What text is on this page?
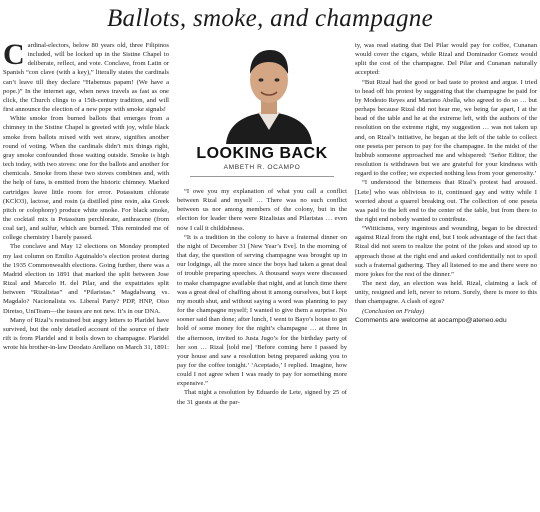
Ballots, smoke, and champagne

Cardinal-electors, below 80 years old, three Filipinos included, will be locked up in the Sistine Chapel to deliberate, reflect, and vote. Conclave, from Latin or Spanish “con clave (with a key),” literally states the cardinals can’t leave till they declare “Habemus papam! (We have a pope.)” In the internet age, when news travels as fast as one click, the Church clings to a 15th-century tradition, and will first announce the election of a new pope with smoke signals!

White smoke from burned ballots that emerges from a chimney in the Sistine Chapel is greeted with joy, while black smoke from ballots mixed with wet straw, signifies another round of voting. When the cardinals didn’t mix things right, gray smoke confounded those waiting outside. Smoke is high tech today, with two stoves: one for the ballots and another for chemicals. Smoke from these two stoves combines and, with the help of fans, is emitted from the historic chimney. Marked cartridges leave little room for error. Potassium chlorate (KClO3), lactose, and rosin (a distilled pine resin, aka Greek pitch or colophony) produce white smoke. For black smoke, the cocktail mix is Potassium perchlorate, anthracene (from coal tar), and sulfur, which are burned. This reminded me of college chemistry I barely passed.

The conclave and May 12 elections on Monday prompted my last column on Emilio Aguinaldo’s election protest during the 1935 Commonwealth elections. Going further, there was a Madrid election in 1891 that marked the split between Jose Rizal and Marcelo H. del Pilar, and the expatriates split between “Rizalistas” and “Pilaristas.” Magdalwang vs. Magdalo? Nacionalista vs. Liberal Party? PDP, HNP, Otso Diretso, UniTeam—the issues are not new. It’s in our DNA.

Many of Rizal’s restrained but angry letters to Plaridel have survived, but the only detailed account of the source of their rift is from Plaridel and it boils down to champagne. Plaridel wrote his brother-in-law Deodato Arellano on March 31, 1891:

LOOKING BACK
AMBETH R. OCAMPO

“I owe you my explanation of what you call a conflict between Rizal and myself … There was no such conflict between us nor among members of the colony, but in the election for leader there were Rizalistas and Pilaristas … even now I call it childishness.

“It is a tradition in the colony to have a fraternal dinner on the night of December 31 [New Year’s Eve]. In the morning of that day, the question of serving champagne was brought up in our lodgings, all the more since the boys had taken a great deal of trouble preparing speeches. A thousand ways were discussed to make champagne available that night, and at lunch time there was a great deal of chaffing about it among ourselves, but I kept my mouth shut, and without saying a word was planning to pay for the champagne myself; I wanted to give them a surprise. No sooner said than done; after lunch, I went to Bayo’s house to get hold of some money for the night’s champagne … at three in the afternoon, invited to Justa Jugo’s for the birthday party of her son … Rizal [told me] ‘Before coming here I passed by your house and saw a resolution being prepared asking you to pay for the coffee tonight.’ ‘Aceptado,’ I replied. Imagine, how could I not agree when I was ready to pay for something more expensive.”

That night a resolution by Eduardo de Lete, signed by 25 of the 31 guests at the par-

ty, was read stating that Del Pilar would pay for coffee, Cunanan would cover the cigars, while Rizal and Dominador Gomez would split the cost of the champagne. Del Pilar and Cunanan naturally accepted:

“But Rizal had the good or bad taste to protest and argue. I tried to head off his protest by suggesting that the champagne be paid for by Modesto Reyes and Mariano Abella, who agreed to do so … but perhaps because Rizal did not hear me, we being far apart, I at the head of the table and he at the extreme left, with the authors of the resolution on the extreme right, my suggestion … was not taken up and, on Rizal’s initiative, he began at the left of the table to collect one peseta per person to pay for the champagne. In the midst of the hubbub someone approached me and whispered: ‘Señor Editor, the resolution is withdrawn but we are grateful for your kindness with regard to the coffee; we expected nothing less from your generosity.’

“I understood the bitterness that Rizal’s protest had aroused. [Lete] who was oblivious to it, continued gay and witty while I worried about a quarrel breaking out. The collection of one peseta was paid to the left end to the center of the table, but from there to the right end nobody wanted to contribute.

“Witticisms, very ingenious and wounding, began to be directed against Rizal from the right end, but I took advantage of the fact that Rizal did not seem to realize the point of the jokes and stood up to approach those at the right end and asked confidentially not to spoil such a fraternal gathering. They all listened to me and there were no more jokes for the rest of the dinner.”

The next day, an election was held. Rizal, claiming a lack of unity, resigned and left, never to return. Surely, there is more to this than champagne. A clash of egos?

(Conclusion on Friday)

Comments are welcome at aocampo@ateneo.edu
